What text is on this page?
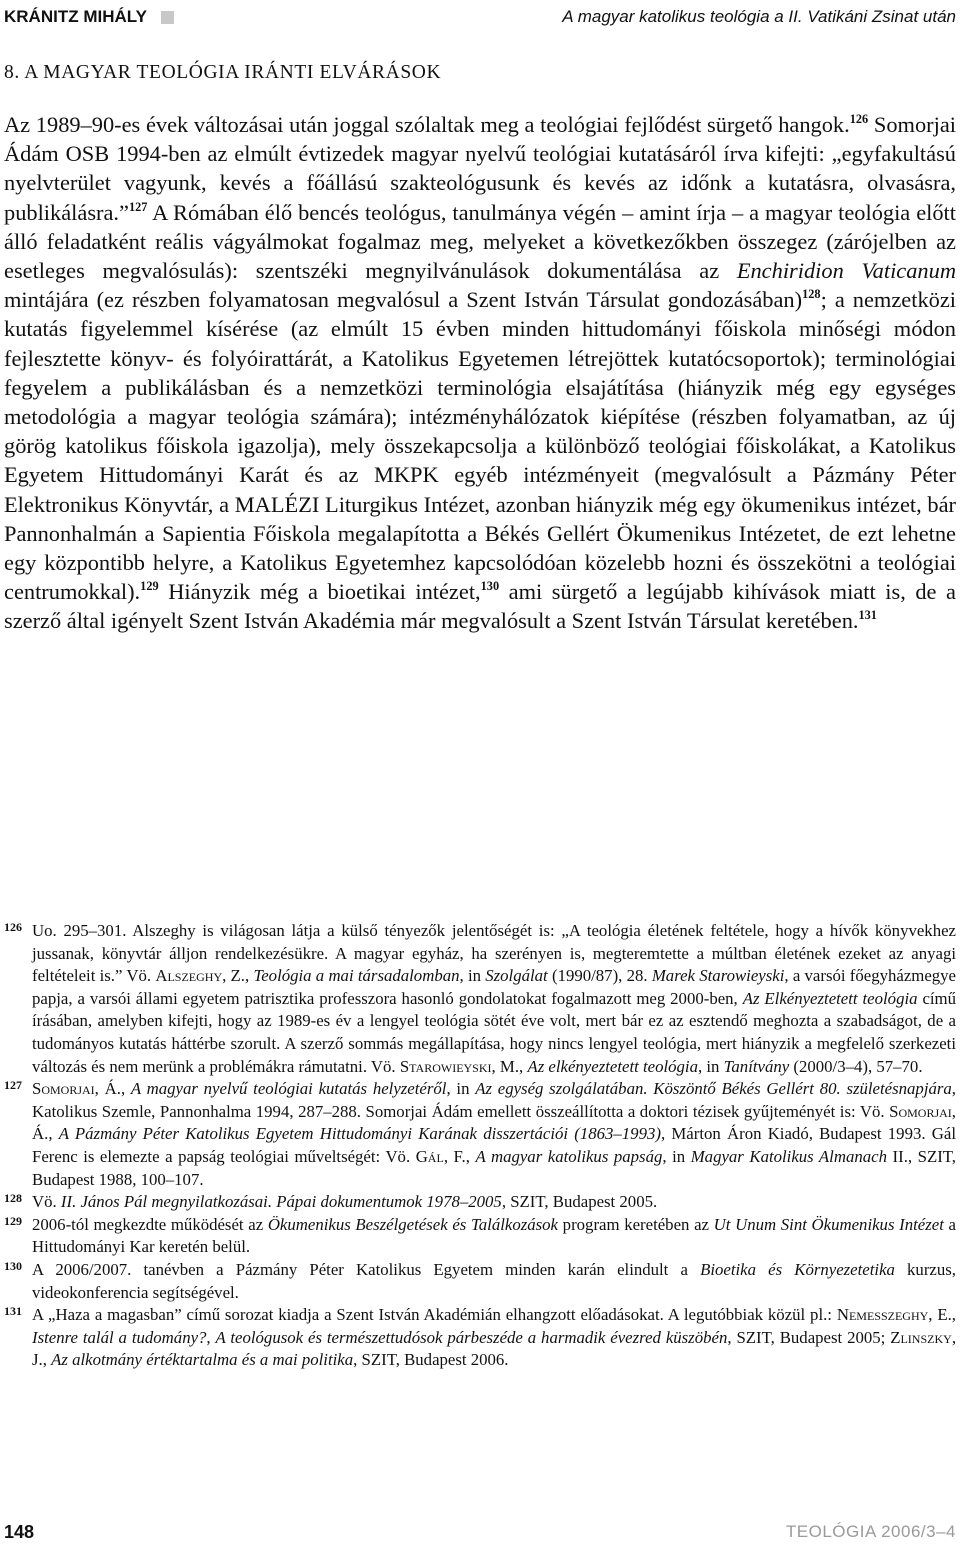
KRÁNITZ MIHÁLY	A magyar katolikus teológia a II. Vatikáni Zsinat után
8. A MAGYAR TEOLÓGIA IRÁNTI ELVÁRÁSOK

Az 1989–90-es évek változásai után joggal szólaltak meg a teológiai fejlődést sürgető hangok.$^{126}$ Somorjai Ádám OSB 1994-ben az elmúlt évtizedek magyar nyelvű teológiai kutatásáról írva kifejti: „egyfakultású nyelvterület vagyunk, kevés a főállású szakteológusunk és kevés az időnk a kutatásra, olvasásra, publikálásra.”$^{127}$ A Rómában élő bencés teológus, tanulmánya végén – amint írja – a magyar teológia előtt álló feladatként reális vágyálmokat fogalmaz meg, melyeket a következőkben összegez (zárójelben az esetleges megvalósulás): szentszéki megnyilvánulások dokumentálása az Enchiridion Vaticanum mintájára (ez részben folyamatosan megvalósul a Szent István Társulat gondozásában)$^{128}$; a nemzetközi kutatás figyelemmel kísérése (az elmúlt 15 évben minden hittudományi főiskola minőségi módon fejlesztette könyv- és folyóirattárát, a Katolikus Egyetemen létrejöttek kutatócsoportok); terminológiai fegyelem a publikálásban és a nemzetközi terminológia elsajátítása (hiányzik még egy egységes metodológia a magyar teológia számára); intézményhálózatok kiépítése (részben folyamatban, az új görög katolikus főiskola igazolja), mely összekapcsolja a különböző teológiai főiskolákat, a Katolikus Egyetem Hittudományi Karát és az MKPK egyéb intézményeit (megvalósult a Pázmány Péter Elektronikus Könyvtár, a MALÉZI Liturgikus Intézet, azonban hiányzik még egy ökumenikus intézet, bár Pannonhalmán a Sapientia Főiskola megalapította a Békés Gellért Ökumenikus Intézetet, de ezt lehetne egy központibb helyre, a Katolikus Egyetemhez kapcsolódóan közelebb hozni és összekötni a teológiai centrumokkal).$^{129}$ Hiányzik még a bioetikai intézet,$^{130}$ ami sürgető a legújabb kihívások miatt is, de a szerző által igényelt Szent István Akadémia már megvalósult a Szent István Társulat keretében.$^{131}$

126 Uo. 295–301. Alszeghy is világosan látja a külső tényezők jelentőségét is: „A teológia életének feltétele, hogy a hívők könyvekhez jussanak, könyvtár álljon rendelkezésükre. A magyar egyház, ha szerényen is, megteremtette a múltban életének ezeket az anyagi feltételeit is.” Vö. Alszeghy, Z., Teológia a mai társadalomban, in Szolgálat (1990/87), 28. Marek Starowieyski, a varsói főegyházmegye papja, a varsói állami egyetem patrisztika professzora hasonló gondolatokat fogalmazott meg 2000-ben, Az Elkényeztetett teológia című írásában, amelyben kifejti, hogy az 1989-es év a lengyel teológia sötét éve volt, mert bár ez az esztendő meghozta a szabadságot, de a tudományos kutatás háttérbe szorult. A szerző sommás megállapítása, hogy nincs lengyel teológia, mert hiányzik a megfelelő szerkezeti változás és nem merünk a problémákra rámutatni. Vö. Starowieyski, M., Az elkényeztetett teológia, in Tanítvány (2000/3–4), 57–70.
127 Somorjai, Á., A magyar nyelvű teológiai kutatás helyzetéről, in Az egység szolgálatában. Köszöntő Békés Gellért 80. születésnapjára, Katolikus Szemle, Pannonhalma 1994, 287–288. Somorjai Ádám emellett összeállította a doktori tézisek gyűjteményét is: Vö. Somorjai, Á., A Pázmány Péter Katolikus Egyetem Hittudományi Karának disszertációi (1863–1993), Márton Áron Kiadó, Budapest 1993. Gál Ferenc is elemezte a papság teológiai műveltségét: Vö. Gál, F., A magyar katolikus papság, in Magyar Katolikus Almanach II., SZIT, Budapest 1988, 100–107.
128 Vö. II. János Pál megnyilatkozásai. Pápai dokumentumok 1978–2005, SZIT, Budapest 2005.
129 2006-tól megkezdte működését az Ökumenikus Beszélgetések és Találkozások program keretében az Ut Unum Sint Ökumenikus Intézet a Hittudományi Kar keretén belül.
130 A 2006/2007. tanévben a Pázmány Péter Katolikus Egyetem minden karán elindult a Bioetika és Környezetetika kurzus, videokonferencia segítségével.
131 A „Haza a magasban” című sorozat kiadja a Szent István Akadémián elhangzott előadásokat. A legutóbbiak közül pl.: Nemesszeghy, E., Istenre talál a tudomány?, A teológusok és természettudósok párbeszéde a harmadik évezred küszöbén, SZIT, Budapest 2005; Zlinszky, J., Az alkotmány értéktartalma és a mai politika, SZIT, Budapest 2006.
148	TEOLÓGIA 2006/3–4
